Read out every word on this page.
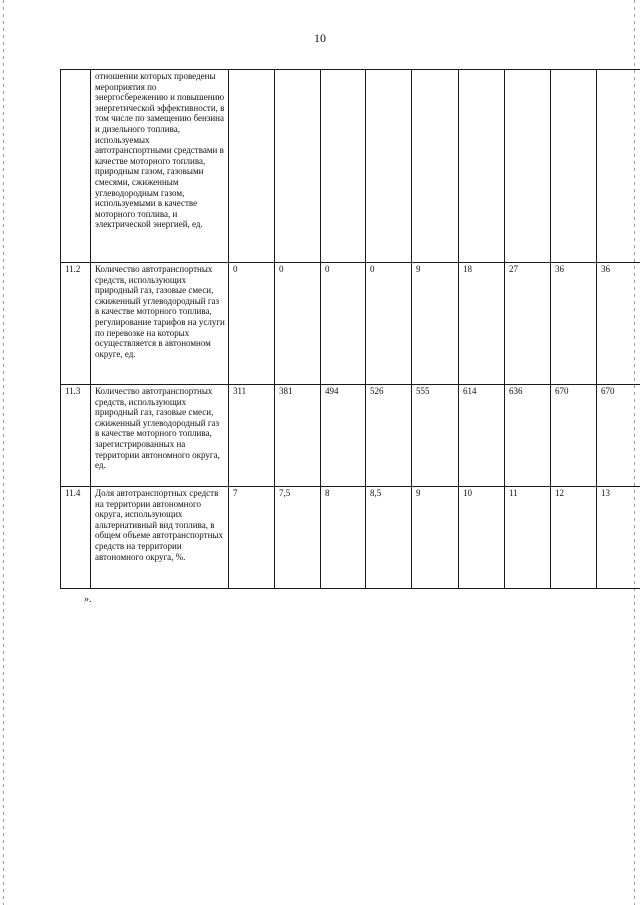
10
	отношении которых проведены мероприятия по энергосбережению и повышению энергетической эффективности, в том числе по замещению бензина и дизельного топлива, используемых автотранспортными средствами в качестве моторного топлива, природным газом, газовыми смесями, сжиженным углеводородным газом, используемыми в качестве моторного топлива, и электрической энергией, ед.									
11.2	Количество автотранспортных средств, использующих природный газ, газовые смеси, сжиженный углеводородный газ в качестве моторного топлива, регулирование тарифов на услуги по перевозке на которых осуществляется в автономном округе, ед.	0	0	0	0	9	18	27	36	36
11.3	Количество автотранспортных средств, использующих природный газ, газовые смеси, сжиженный углеводородный газ в качестве моторного топлива, зарегистрированных на территории автономного округа, ед.	311	381	494	526	555	614	636	670	670
11.4	Доля автотранспортных средств на территории автономного округа, использующих альтернативный вид топлива, в общем объеме автотранспортных средств на территории автономного округа, %.	7	7,5	8	8,5	9	10	11	12	13
».
